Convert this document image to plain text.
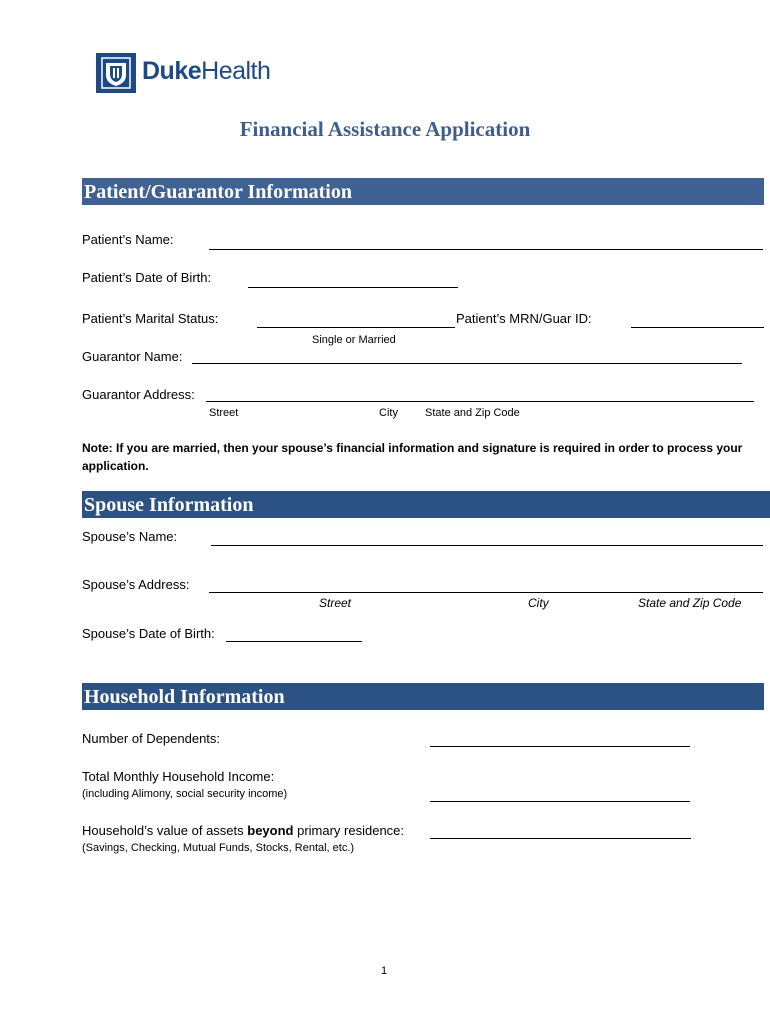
DukeHealth
Financial Assistance Application
Patient/Guarantor Information
Patient’s Name:
Patient’s Date of Birth:
Patient’s Marital Status:
Single or Married
Patient’s MRN/Guar ID:
Guarantor Name:
Guarantor Address:
Street	City State and Zip Code
Note: If you are married, then your spouse’s financial information and signature is required in order to process your
application.
Spouse Information
Spouse’s Name:
Spouse’s Address:
Street	City	State and Zip Code
Spouse’s Date of Birth:
Household Information
Number of Dependents:
Total Monthly Household Income:
(including Alimony, social security income)
Household’s value of assets beyond primary residence:
(Savings, Checking, Mutual Funds, Stocks, Rental, etc.)
1
